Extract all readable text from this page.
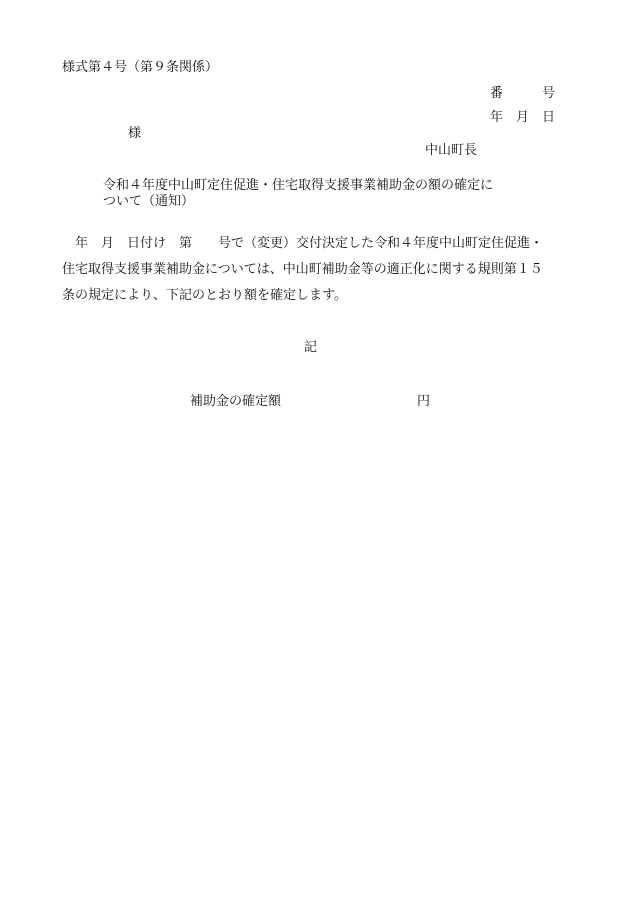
様式第４号（第９条関係）
番　　　号
年　月　日
様
中山町長
令和４年度中山町定住促進・住宅取得支援事業補助金の額の確定に
ついて（通知）
　年　月　日付け　第　　号で（変更）交付決定した令和４年度中山町定住促進・
住宅取得支援事業補助金については、中山町補助金等の適正化に関する規則第１５
条の規定により、下記のとおり額を確定します。
記
補助金の確定額	円
